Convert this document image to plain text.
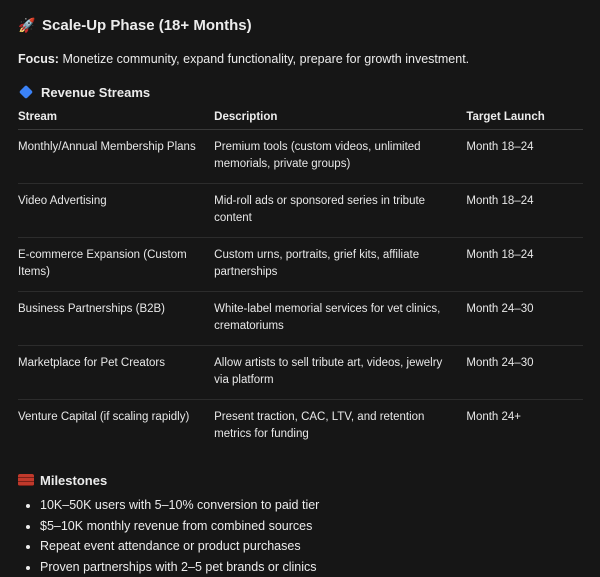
🚀 Scale-Up Phase (18+ Months)
Focus: Monetize community, expand functionality, prepare for growth investment.
Revenue Streams
Stream	Description	Target Launch
Monthly/Annual Membership Plans	Premium tools (custom videos, unlimited memorials, private groups)	Month 18–24
Video Advertising	Mid-roll ads or sponsored series in tribute content	Month 18–24
E-commerce Expansion (Custom Items)	Custom urns, portraits, grief kits, affiliate partnerships	Month 18–24
Business Partnerships (B2B)	White-label memorial services for vet clinics, crematoriums	Month 24–30
Marketplace for Pet Creators	Allow artists to sell tribute art, videos, jewelry via platform	Month 24–30
Venture Capital (if scaling rapidly)	Present traction, CAC, LTV, and retention metrics for funding	Month 24+
Milestones
• 10K–50K users with 5–10% conversion to paid tier
• $5–10K monthly revenue from combined sources
• Repeat event attendance or product purchases
• Proven partnerships with 2–5 pet brands or clinics
